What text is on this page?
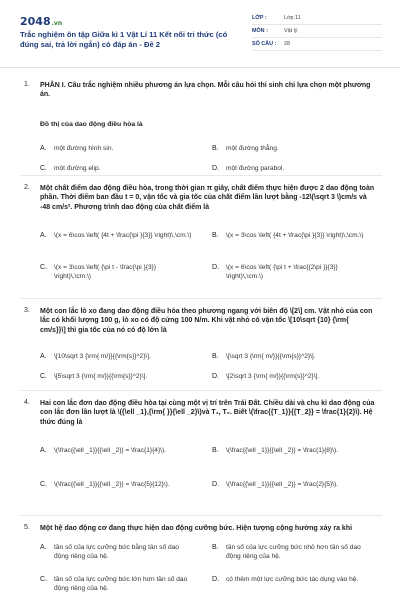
2048.vn
Trắc nghiệm ôn tập Giữa kì 1 Vật Lí 11 Kết nối tri thức (có đúng sai, trả lời ngắn) có đáp án - Đề 2
LỚP :	Lớp 11
MÔN :	Vật lý
SỐ CÂU :	28
1. PHẦN I. Câu trắc nghiệm nhiều phương án lựa chọn. Mỗi câu hỏi thí sinh chỉ lựa chọn một phương án.
Đồ thị của dao động điều hòa là
A.	một đường hình sin.	B.	một đường thẳng.
C.	một đường elip.	D.	một đường parabol.
2. Một chất điểm dao động điều hòa, trong thời gian π giây, chất điểm thực hiện được 2 dao động toàn phần. Thời điểm ban đầu t = 0, vận tốc và gia tốc của chất điểm lần lượt bằng -12\(\sqrt 3 \)cm/s và -48 cm/s². Phương trình dao động của chất điểm là
A.	\(x = 6\cos \left( {4t + \frac{\pi }{3}} \right)\,\cm.\)	B.	\(x = 3\cos \left( {4t + \frac{\pi }{3}} \right)\,\cm.\)
C.	\(x = 3\cos \left( {\pi t - \frac{\pi }{3}} \right)\,\cm.\)
D.	\(x = 6\cos \left( {\pi t + \frac{{2\pi }}{3}} \right)\,\cm.\)
3. Một con lắc lò xo đang dao động điều hòa theo phương ngang với biên độ \[2\] cm. Vật nhỏ của con lắc có khối lượng 100 g, lò xo có độ cứng 100 N/m. Khi vật nhỏ có vận tốc \[10\sqrt {10} {\rm{ cm/s}}\] thì gia tốc của nó có độ lớn là
A.	\[10\sqrt 3 {\rm{ m/}}{{\rm{s}}^2}\].	B.	\[\sqrt 3 {\rm{ m/}}{{\rm{s}}^2}\].
C.	\[5\sqrt 3 {\rm{ m/}}{{\rm{s}}^2}\].	D.	\[2\sqrt 3 {\rm{ m/}}{{\rm{s}}^2}\].
4. Hai con lắc đơn dao động điều hòa tại cùng một vị trí trên Trái Đất. Chiều dài và chu kì dao động của con lắc đơn lần lượt là \({\ell _1},{\rm{ }}{\ell _2}\)và T₁, T₂. Biết \(\frac{{T_1}}{{T_2}} = \frac{1}{2}\). Hệ thức đúng là
A.	\(\frac{{\ell _1}}{{\ell _2}} = \frac{1}{4}\).	B.	\(\frac{{\ell _1}}{{\ell _2}} = \frac{1}{8}\).
C.	\(\frac{{\ell _1}}{{\ell _2}} = \frac{5}{12}\).	D.	\(\frac{{\ell _1}}{{\ell _2}} = \frac{2}{5}\).
5. Một hệ dao động cơ đang thực hiện dao động cưỡng bức. Hiện tượng cộng hưởng xảy ra khi
A.	tần số của lực cưỡng bức bằng tần số dao động riêng của hệ.
B.	tần số của lực cưỡng bức nhỏ hơn tần số dao động riêng của hệ.
C.	tần số của lực cưỡng bức lớn hơn tần số dao động riêng của hệ.
D.	có thêm một lực cưỡng bức tác dụng vào hệ.
